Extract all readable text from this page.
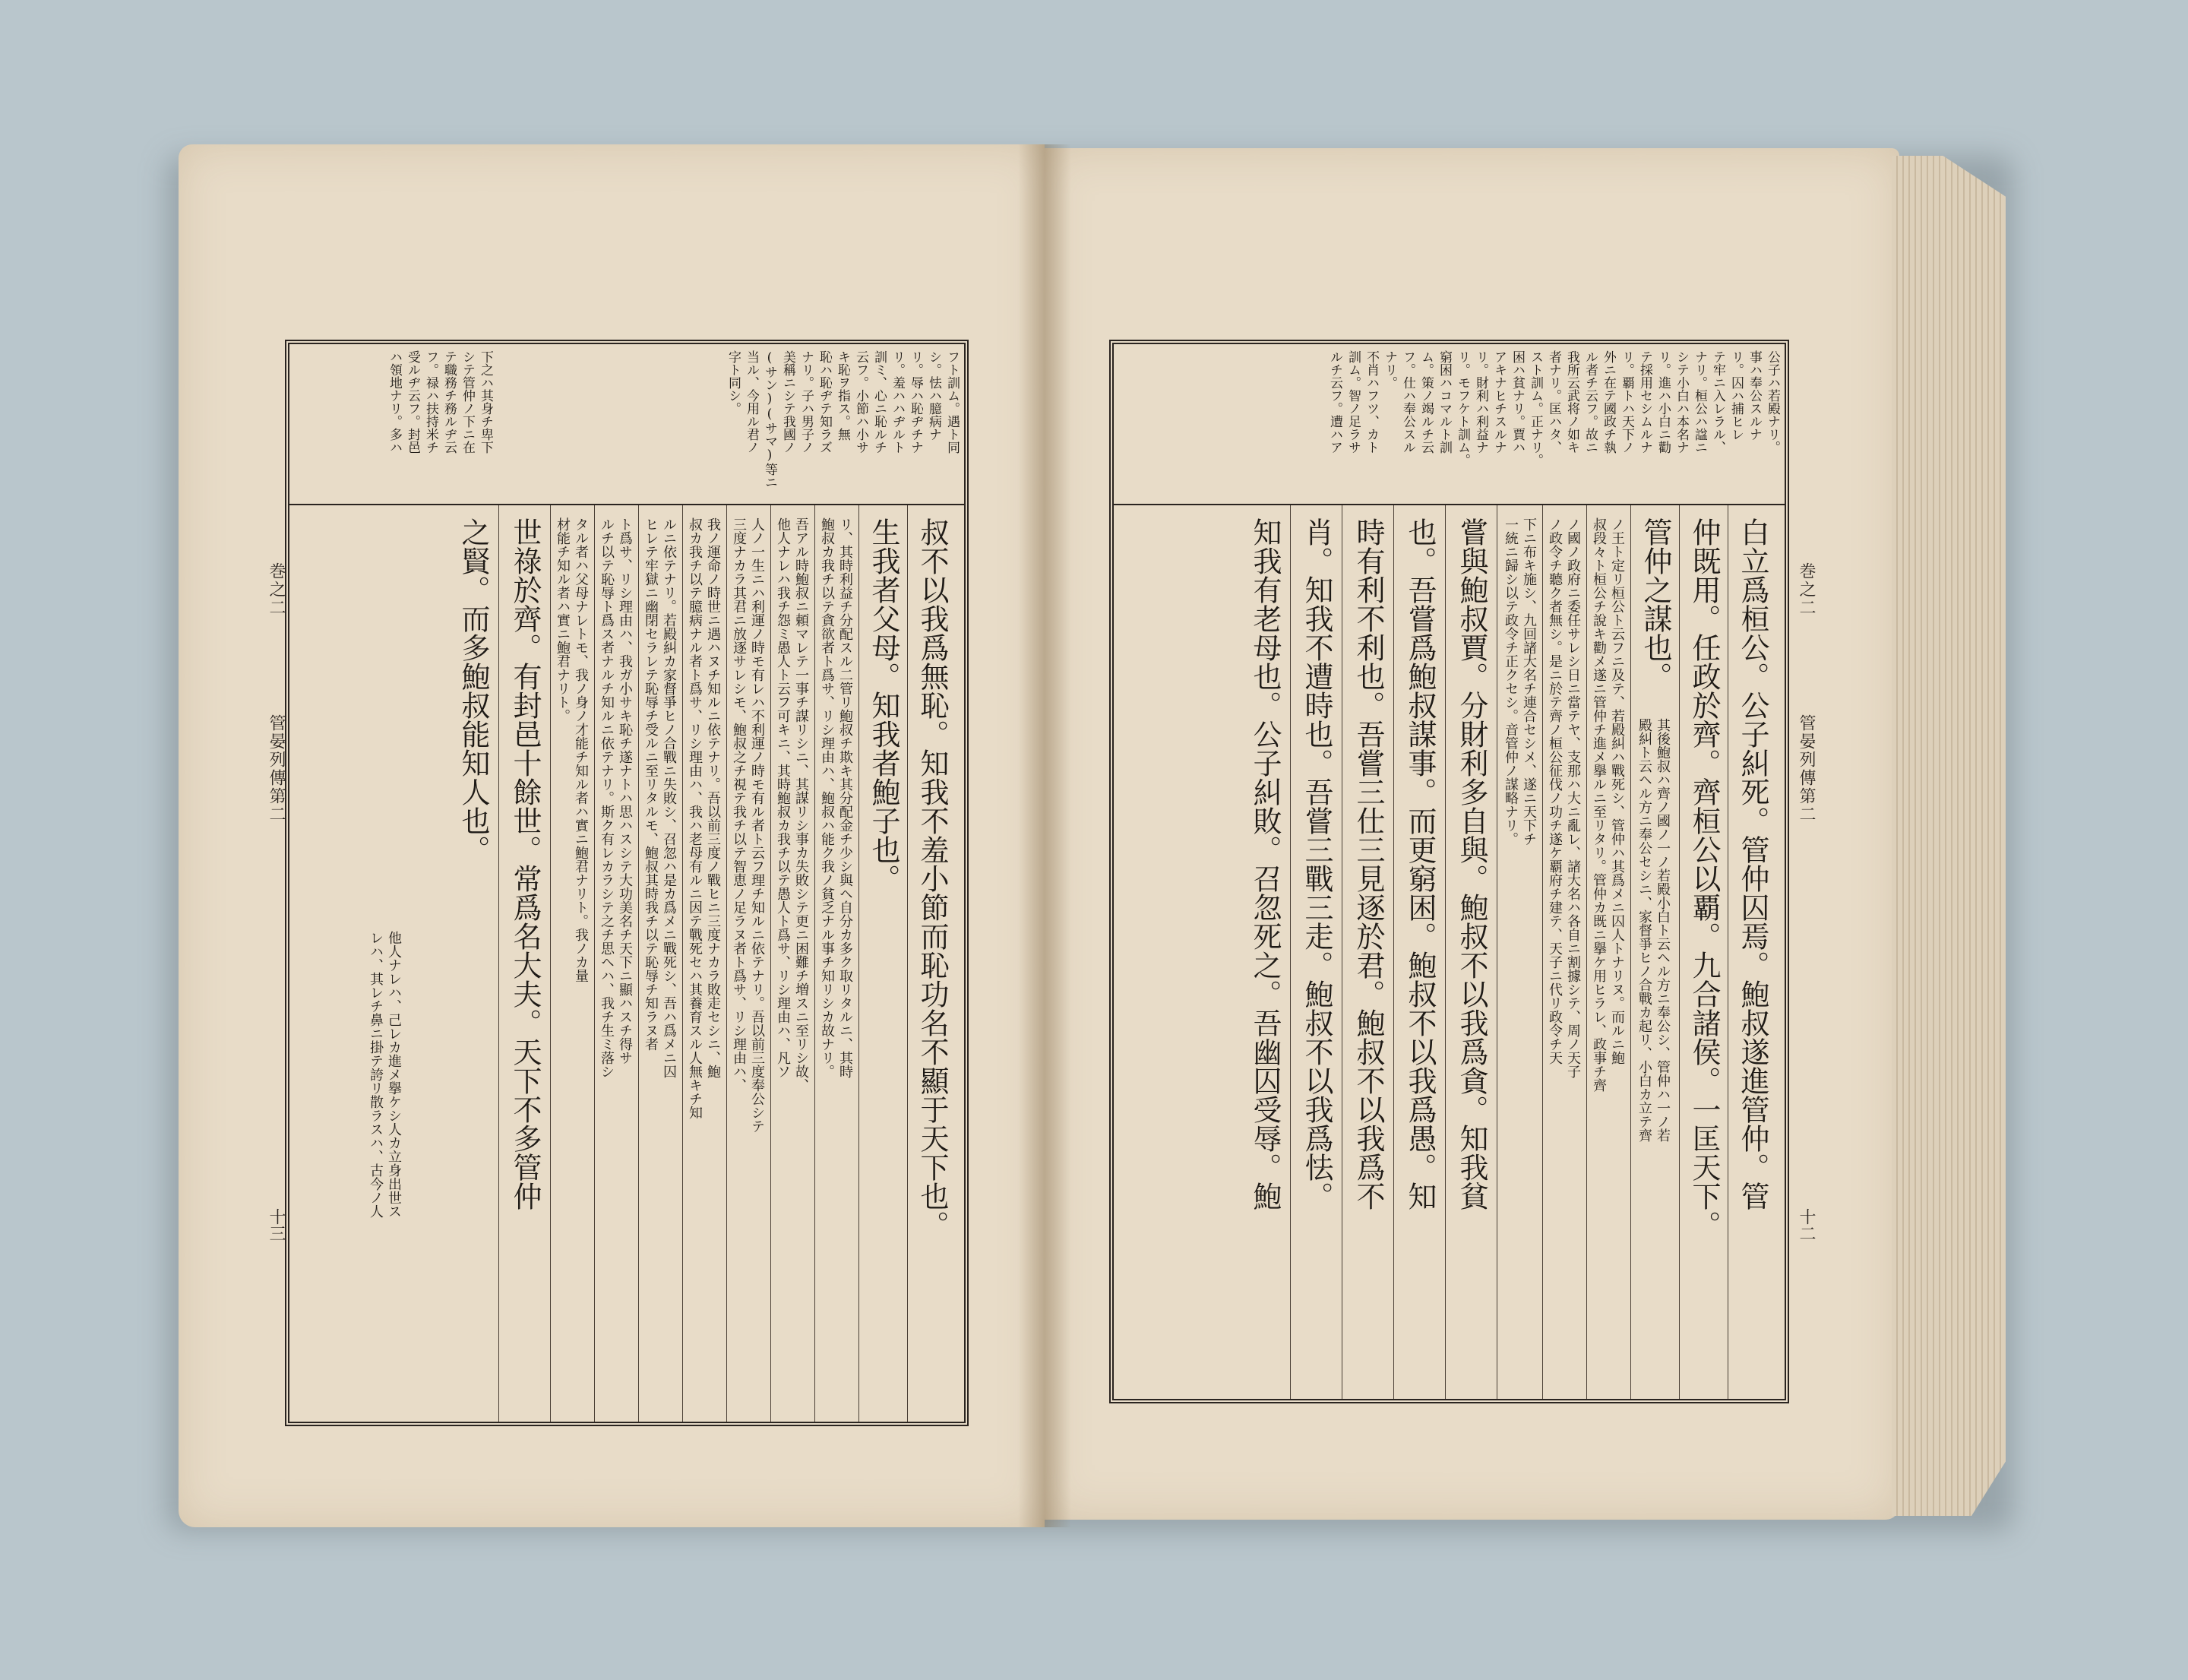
巻之二
管晏列傳第二
十三
フト訓ム。遇ト同
シ。怯ハ臆病ナ
リ。辱ハ恥ヂチナ
リ。羞ハハヂルト
訓ミ、心ニ恥ルチ
云フ。小節ハ小サ
キ恥ヲ指ス。無
恥ハ恥ヂテ知ラズ
ナリ。子ハ男子ノ
美稱ニシテ我國ノ
(サン)(サマ)等ニ
当ル、今用ル君ノ
字ト同シ。
下之ハ其身チ卑下
シテ管仲ノ下ニ在
テ職務チ務ルヂ云
フ。禄ハ扶持米チ
受ルヂ云フ。封邑
ハ領地ナリ。多ハ
叔不以我爲無恥。知我不羞小節而恥功名不顯于天下也。
生我者父母。知我者鮑子也。
リ、其時利益チ分配スル二管リ鮑叔チ欺キ其分配金チ少シ與ヘ自分カ多ク取リタルニ、其時
鮑叔カ我チ以テ貪欲者ト爲サ、リシ理由ハ、鮑叔ハ能ク我ノ貧乏ナル事チ知リシカ故ナリ。
吾アル時鮑叔ニ頼マレテ一事チ謀リシニ、其謀リシ事カ失敗シテ更ニ困難チ増スニ至リシ故、
他人ナレハ我チ怨ミ愚人ト云フ可キニ、其時鮑叔カ我チ以テ愚人ト爲サ、リシ理由ハ、凡ソ
人ノ一生ニハ利運ノ時モ有レハ不利運ノ時モ有ル者ト云フ理チ知ルニ依テナリ。吾以前三度奉公シテ
三度ナカラ其君ニ放逐サレシモ、鮑叔之チ視テ我チ以テ智恵ノ足ラヌ者ト爲サ、リシ理由ハ、
我ノ運命ノ時世ニ遇ハヌチ知ルニ依テナリ。吾以前三度ノ戰ヒニ三度ナカラ敗走セシニ、鮑
叔カ我チ以テ臆病ナル者ト爲サ、リシ理由ハ、我ハ老母有ルニ因テ戰死セハ其養育スル人無キチ知
ルニ依テナリ。若殿糾カ家督爭ヒノ合戰ニ失敗シ、召忽ハ是カ爲メニ戰死シ、吾ハ爲メニ囚
ヒレテ牢獄ニ幽閉セラレテ恥辱チ受ルニ至リタルモ、鮑叔其時我チ以テ恥辱チ知ラヌ者
ト爲サ、リシ理由ハ、我ガ小サキ恥チ遂ナトハ思ハスシテ大功美名チ天下ニ顯ハスチ得サ
ルチ以テ恥辱ト爲ス者ナルチ知ルニ依テナリ。斯ク有レカラシテ之チ思ヘハ、我チ生ミ落シ
タル者ハ父母ナレトモ、我ノ身ノ才能チ知ル者ハ實ニ鮑君ナリト。我ノカ量
材能チ知ル者ハ實ニ鮑君ナリト。
世祿於齊。有封邑十餘世。常爲名大夫。天下不多管仲
之賢。而多鮑叔能知人也。
他人ナレハ、己レカ進メ擧ケシ人カ立身出世ス
レハ、其レチ鼻ニ掛テ誇リ散ラスハ、古今ノ人
巻之二
管晏列傳第二
十二
公子ハ若殿ナリ。
事ハ奉公スルナ
リ。囚ハ捕ヒレ
テ牢ニ入レラル、
ナリ。桓公ハ諡ニ
シテ小白ハ本名ナ
リ。進ハ小白ニ勸
テ採用セシムルナ
リ。覇トハ天下ノ
外ニ在テ國政チ執
ル者チ云フ。故ニ
我所云武将ノ如キ
者ナリ。匡ハタ、
スト訓ム。正ナリ。
困ハ貧ナリ。賈ハ
アキナヒチスルナ
リ。財利ハ利益ナ
リ。モフケト訓ム。
窮困ハコマルト訓
ム。策ノ竭ルチ云
フ。仕ハ奉公スル
ナリ。
不肖ハフツ、カト
訓ム。智ノ足ラサ
ルチ云フ。遭ハア
白立爲桓公。公子糾死。管仲囚焉。鮑叔遂進管仲。管
仲既用。任政於齊。齊桓公以覇。九合諸侯。一匡天下。
管仲之謀也。
其後鮑叔ハ齊ノ國ノ一ノ若殿小白ト云ヘル方ニ奉公シ、管仲ハ一ノ若
殿糾ト云ヘル方ニ奉公セシニ、家督爭ヒノ合戰カ起リ、小白カ立テ齊
ノ王ト定リ桓公ト云フニ及テ、若殿糾ハ戰死シ、管仲ハ其爲メニ囚人トナリヌ。而ルニ鮑
叔段々ト桓公チ說キ勸メ遂ニ管仲チ進メ擧ルニ至リタリ。管仲カ既ニ擧ケ用ヒラレ、政事チ齊
ノ國ノ政府ニ委任サレシ日ニ當テヤ、支那ハ大ニ亂レ、諸大名ハ各自ニ割據シテ、周ノ天子
ノ政令チ聽ク者無シ。是ニ於テ齊ノ桓公征伐ノ功チ遂ケ覇府チ建テ、天子ニ代リ政令チ天
下ニ布キ施シ、九回諸大名チ連合セシメ、遂ニ天下チ
一統ニ歸シ以テ政令チ正クセシ。音管仲ノ謀略ナリ。
嘗與鮑叔賈。分財利多自與。鮑叔不以我爲貪。知我貧
也。吾嘗爲鮑叔謀事。而更窮困。鮑叔不以我爲愚。知
時有利不利也。吾嘗三仕三見逐於君。鮑叔不以我爲不
肖。知我不遭時也。吾嘗三戰三走。鮑叔不以我爲怯。
知我有老母也。公子糾敗。召忽死之。吾幽囚受辱。鮑
